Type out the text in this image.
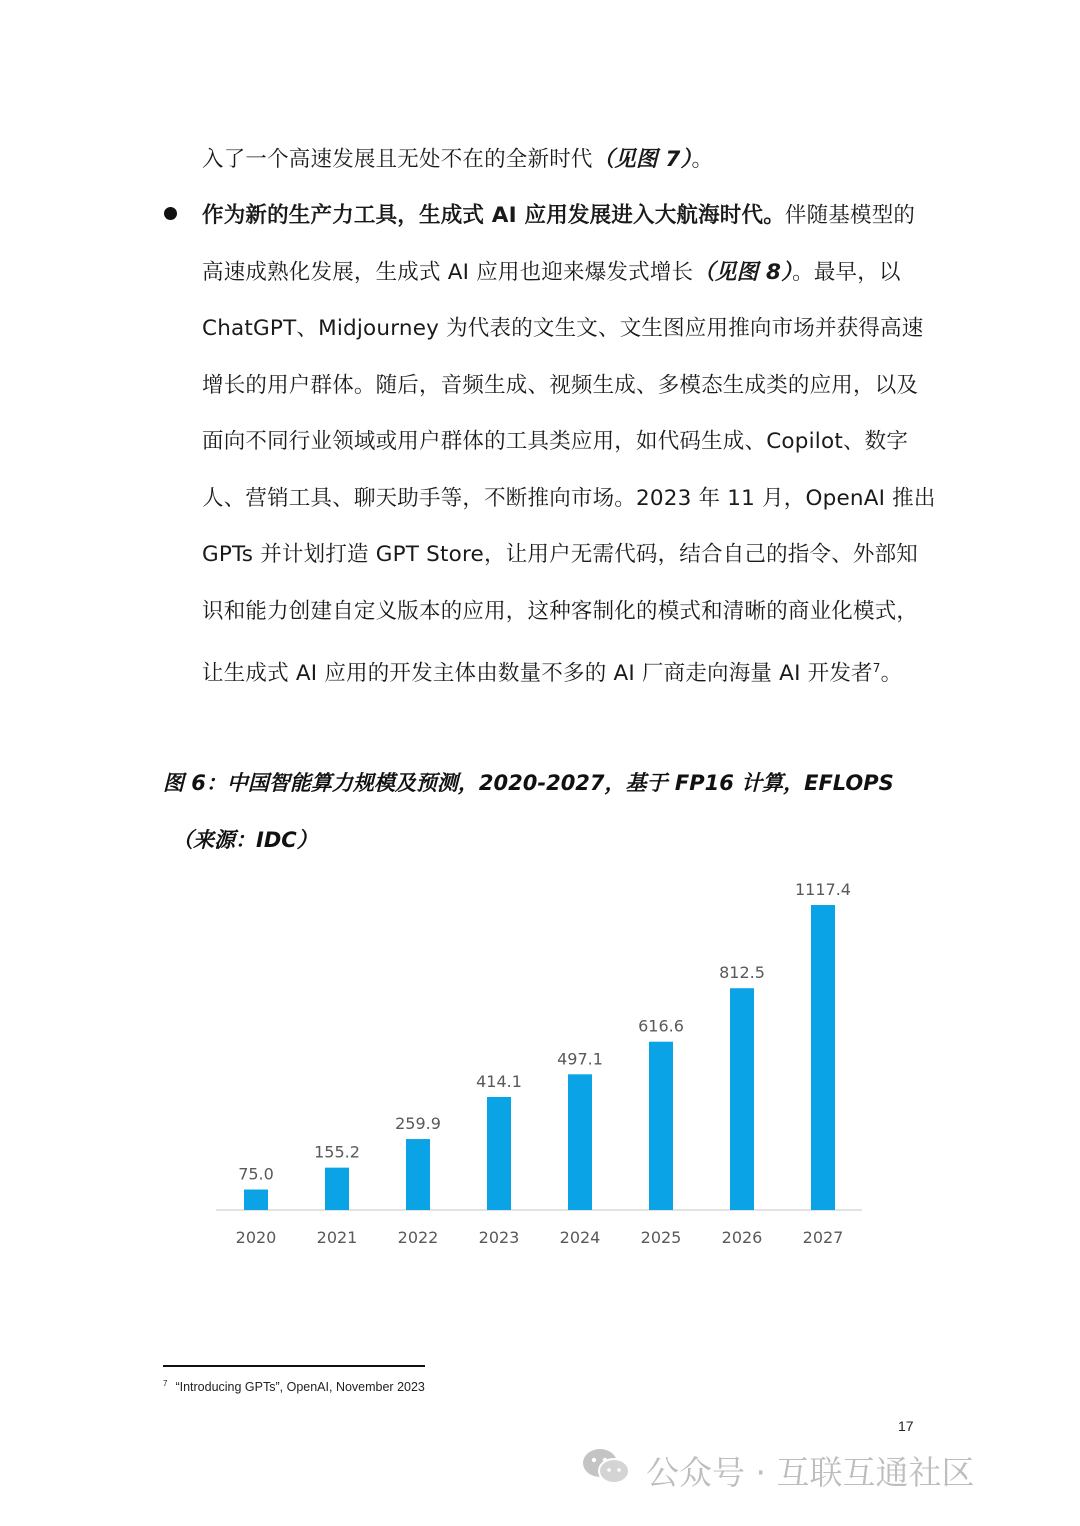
入了一个高速发展且无处不在的全新时代（见图 7）。
作为新的生产力工具，生成式 AI 应用发展进入大航海时代。伴随基模型的
高速成熟化发展，生成式 AI 应用也迎来爆发式增长（见图 8）。最早，以
ChatGPT、Midjourney 为代表的文生文、文生图应用推向市场并获得高速
增长的用户群体。随后，音频生成、视频生成、多模态生成类的应用，以及
面向不同行业领域或用户群体的工具类应用，如代码生成、Copilot、数字
人、营销工具、聊天助手等，不断推向市场。2023 年 11 月，OpenAI 推出
GPTs 并计划打造 GPT Store，让用户无需代码，结合自己的指令、外部知
识和能力创建自定义版本的应用，这种客制化的模式和清晰的商业化模式，
让生成式 AI 应用的开发主体由数量不多的 AI 厂商走向海量 AI 开发者$^7$。
图 6：中国智能算力规模及预测，2020-2027，基于 FP16 计算，EFLOPS
（来源：IDC）
75.0
155.2
259.9
414.1
497.1
616.6
812.5
1117.4
2020	2021	2022	2023	2024	2025	2026	2027
$^7$ “Introducing GPTs”, OpenAI, November 2023
17
公众号 · 互联互通社区
